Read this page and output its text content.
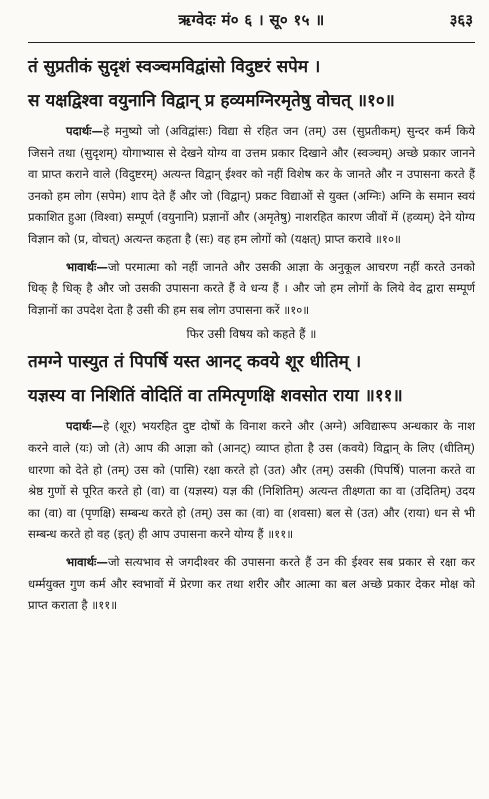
ऋग्वेदः मं० ६ । सू० १५ ॥	३६३
तं सुप्रतीकं सुदृशं स्वञ्चमविद्वांसो विदुष्टरं सपेम ।
स यक्षद्विश्वा वयुनानि विद्वान् प्र हव्यमग्निरमृतेषु वोचत् ॥१०॥

पदार्थः—हे मनुष्यो जो (अविद्वांसः) विद्या से रहित जन (तम्) उस (सुप्रतीकम्) सुन्दर कर्म किये जिसने तथा (सुदृशम्) योगाभ्यास से देखने योग्य वा उत्तम प्रकार दिखाने और (स्वञ्चम्) अच्छे प्रकार जानने वा प्राप्त कराने वाले (विदुष्टरम्) अत्यन्त विद्वान् ईश्वर को नहीं विशेष कर के जानते और न उपासना करते हैं उनको हम लोग (सपेम) शाप देते हैं और जो (विद्वान्) प्रकट विद्याओं से युक्त (अग्निः) अग्नि के समान स्वयं प्रकाशित हुआ (विश्वा) सम्पूर्ण (वयुनानि) प्रज्ञानों और (अमृतेषु) नाशरहित कारण जीवों में (हव्यम्) देने योग्य विज्ञान को (प्र, वोचत्) अत्यन्त कहता है (सः) वह हम लोगों को (यक्षत्) प्राप्त करावे ॥१०॥

भावार्थः—जो परमात्मा को नहीं जानते और उसकी आज्ञा के अनुकूल आचरण नहीं करते उनको धिक् है धिक् है और जो उसकी उपासना करते हैं वे धन्य हैं । और जो हम लोगों के लिये वेद द्वारा सम्पूर्ण विज्ञानों का उपदेश देता है उसी की हम सब लोग उपासना करें ॥१०॥

फिर उसी विषय को कहते हैं ॥
तमग्ने पास्युत तं पिपर्षि यस्त आनट् कवये शूर धीतिम् ।
यज्ञस्य वा निशितिं वोदितिं वा तमित्पृणक्षि शवसोत राया ॥११॥

पदार्थः—हे (शूर) भयरहित दुष्ट दोषों के विनाश करने और (अग्ने) अविद्यारूप अन्धकार के नाश करने वाले (यः) जो (ते) आप की आज्ञा को (आनट्) व्याप्त होता है उस (कवये) विद्वान् के लिए (धीतिम्) धारणा को देते हो (तम्) उस को (पासि) रक्षा करते हो (उत) और (तम्) उसकी (पिपर्षि) पालना करते वा श्रेष्ठ गुणों से पूरित करते हो (वा) वा (यज्ञस्य) यज्ञ की (निशितिम्) अत्यन्त तीक्ष्णता का वा (उदितिम्) उदय का (वा) वा (पृणक्षि) सम्बन्ध करते हो (तम्) उस का (वा) वा (शवसा) बल से (उत) और (राया) धन से भी सम्बन्ध करते हो वह (इत्) ही आप उपासना करने योग्य हैं ॥११॥

भावार्थः—जो सत्यभाव से जगदीश्वर की उपासना करते हैं उन की ईश्वर सब प्रकार से रक्षा कर धर्म्मयुक्त गुण कर्म और स्वभावों में प्रेरणा कर तथा शरीर और आत्मा का बल अच्छे प्रकार देकर मोक्ष को प्राप्त कराता है ॥११॥
